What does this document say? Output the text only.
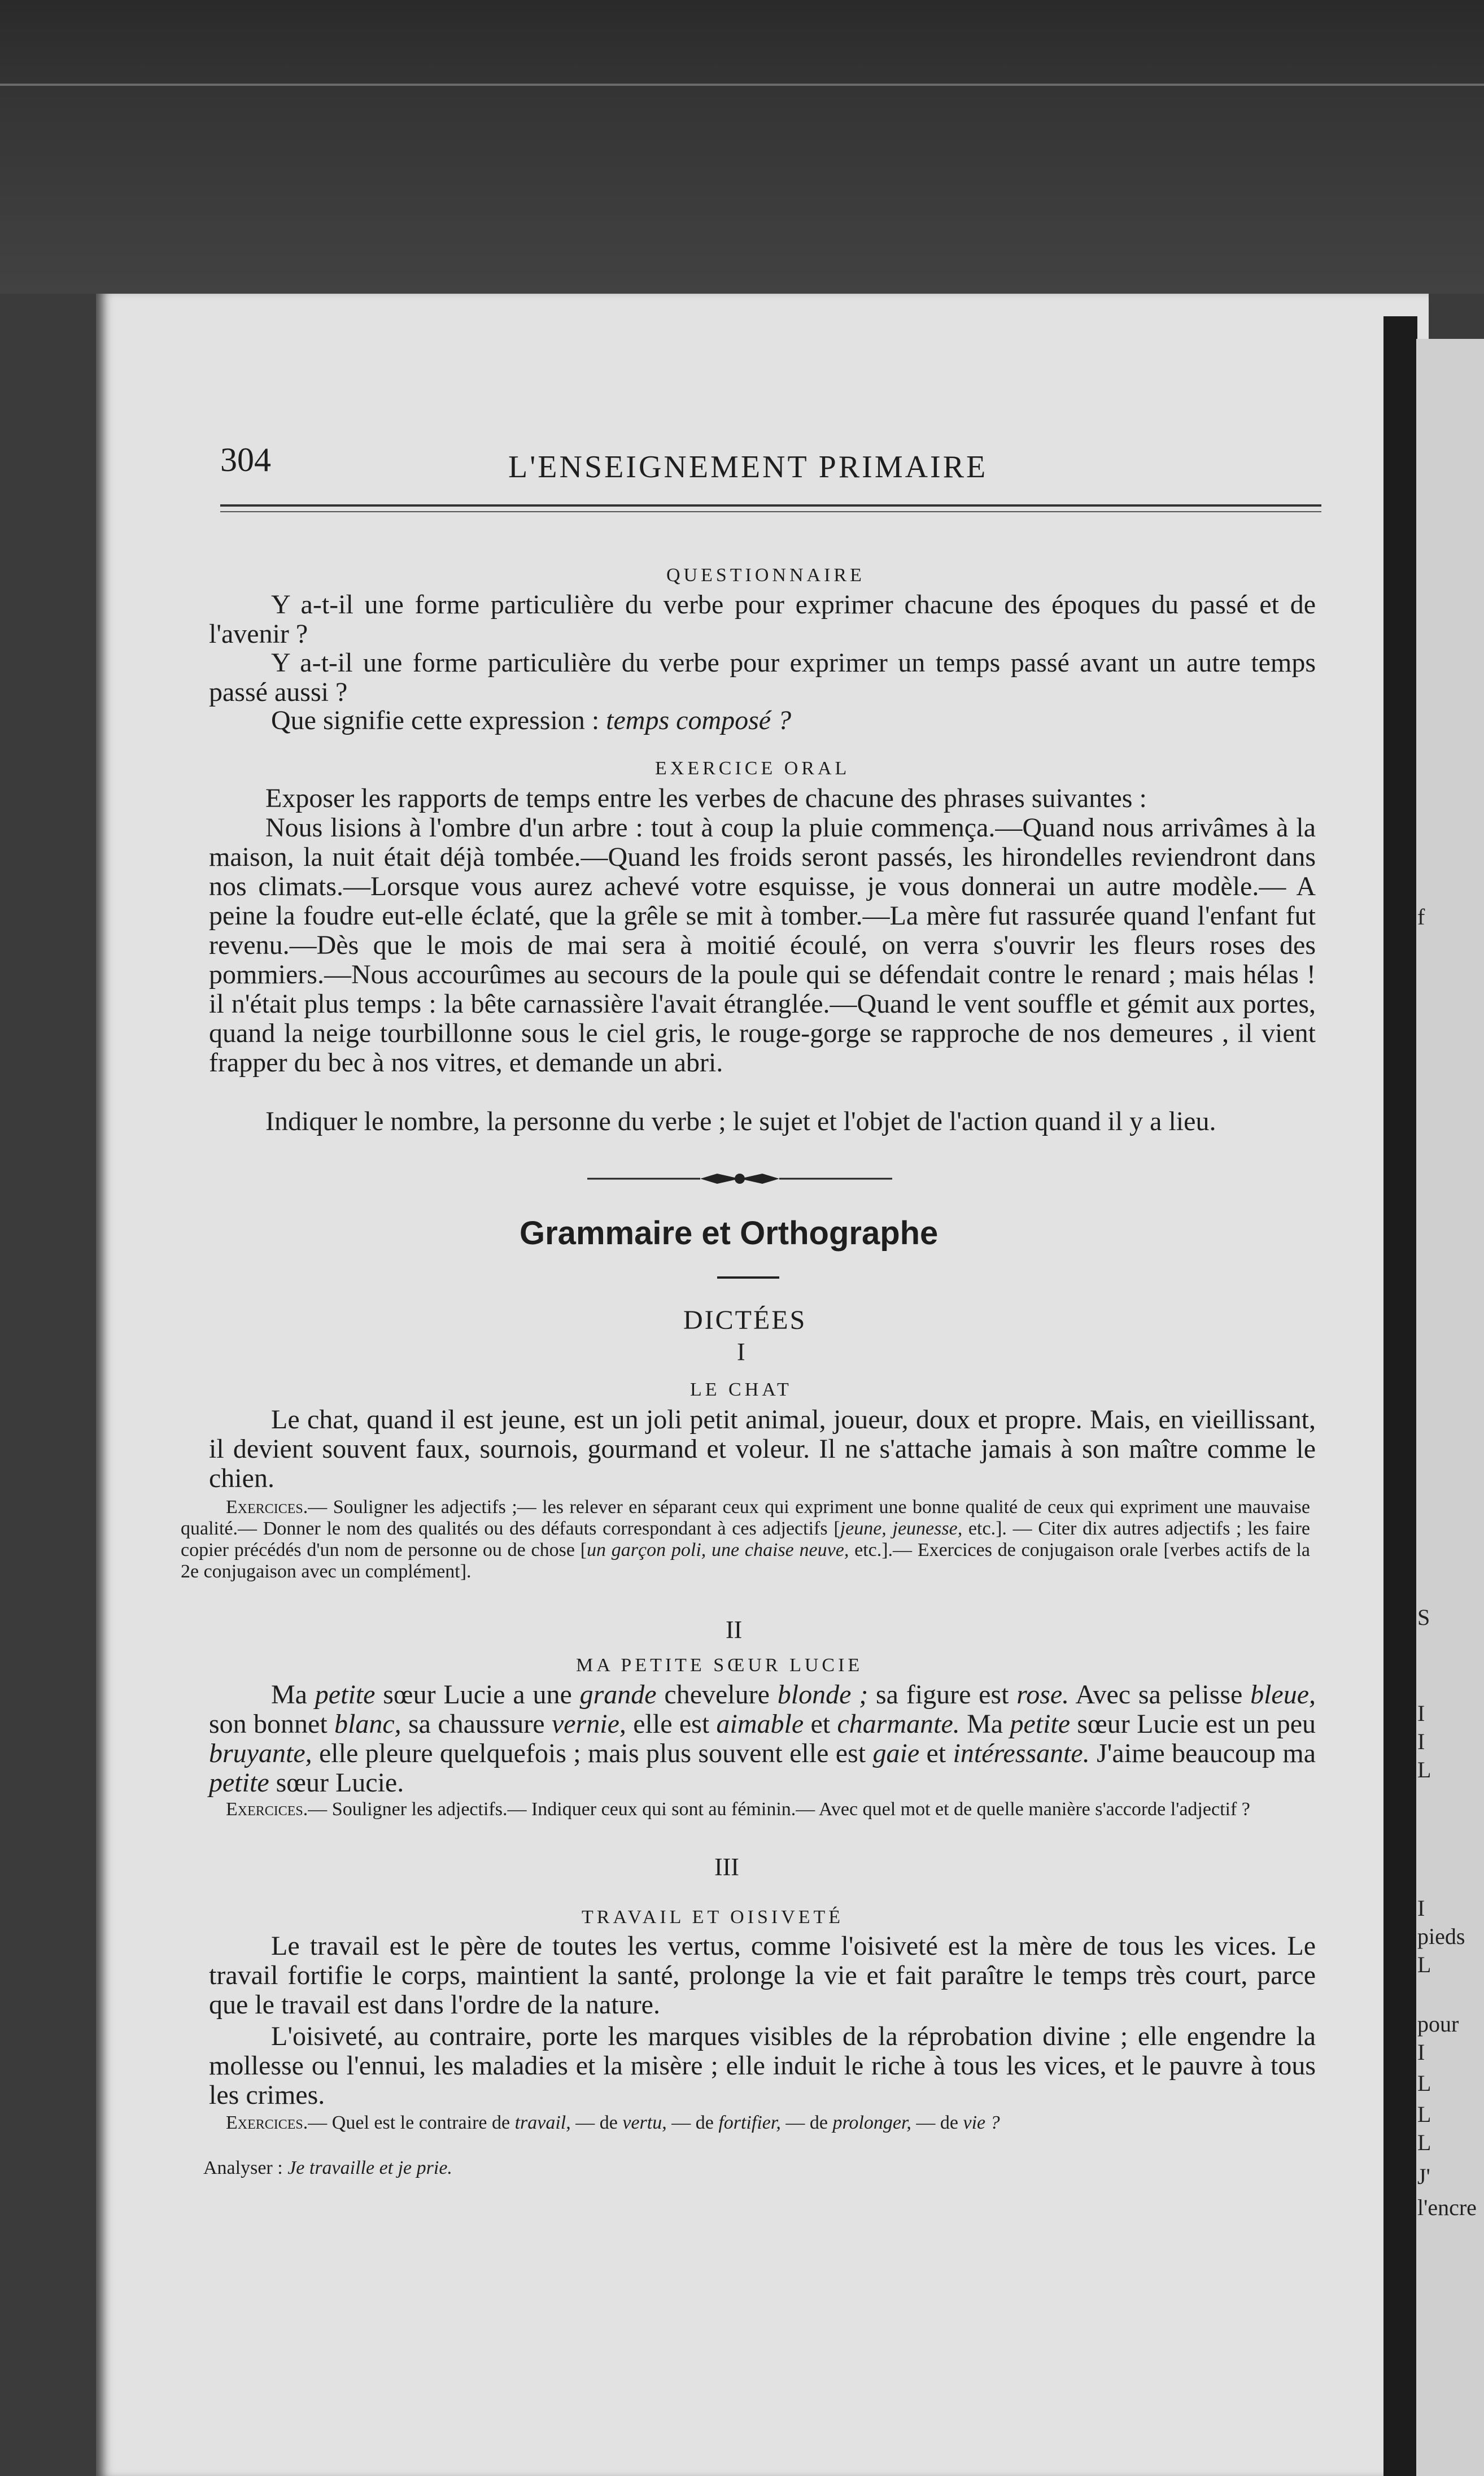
f
S
I
I
L
I
pieds
L
pour
I
L
L
L
J'
l'encre
304	L'ENSEIGNEMENT PRIMAIRE
QUESTIONNAIRE
Y a-t-il une forme particulière du verbe pour exprimer chacune des époques du passé et de l'avenir ?
Y a-t-il une forme particulière du verbe pour exprimer un temps passé avant un autre temps passé aussi ?
Que signifie cette expression : temps composé ?
EXERCICE ORAL
Exposer les rapports de temps entre les verbes de chacune des phrases suivantes :
Nous lisions à l'ombre d'un arbre : tout à coup la pluie commença.—Quand nous arrivâmes à la maison, la nuit était déjà tombée.—Quand les froids seront passés, les hirondelles reviendront dans nos climats.—Lorsque vous aurez achevé votre esquisse, je vous donnerai un autre modèle.— A peine la foudre eut-elle éclaté, que la grêle se mit à tomber.—La mère fut rassurée quand l'enfant fut revenu.—Dès que le mois de mai sera à moitié écoulé, on verra s'ouvrir les fleurs roses des pommiers.—Nous accourûmes au secours de la poule qui se défendait contre le renard ; mais hélas ! il n'était plus temps : la bête carnassière l'avait étranglée.—Quand le vent souffle et gémit aux portes, quand la neige tourbillonne sous le ciel gris, le rouge-gorge se rapproche de nos demeures , il vient frapper du bec à nos vitres, et demande un abri.
Indiquer le nombre, la personne du verbe ; le sujet et l'objet de l'action quand il y a lieu.
Grammaire et Orthographe
DICTÉES
I
LE CHAT
Le chat, quand il est jeune, est un joli petit animal, joueur, doux et propre. Mais, en vieillissant, il devient souvent faux, sournois, gourmand et voleur. Il ne s'attache jamais à son maître comme le chien.
Exercices.— Souligner les adjectifs ;— les relever en séparant ceux qui expriment une bonne qualité de ceux qui expriment une mauvaise qualité.— Donner le nom des qualités ou des défauts correspondant à ces adjectifs [jeune, jeunesse, etc.]. — Citer dix autres adjectifs ; les faire copier précédés d'un nom de personne ou de chose [un garçon poli, une chaise neuve, etc.].— Exercices de conjugaison orale [verbes actifs de la 2e conjugaison avec un complément].
II
MA PETITE SŒUR LUCIE
Ma petite sœur Lucie a une grande chevelure blonde ; sa figure est rose. Avec sa pelisse bleue, son bonnet blanc, sa chaussure vernie, elle est aimable et charmante. Ma petite sœur Lucie est un peu bruyante, elle pleure quelquefois ; mais plus souvent elle est gaie et intéressante. J'aime beaucoup ma petite sœur Lucie.
Exercices.— Souligner les adjectifs.— Indiquer ceux qui sont au féminin.— Avec quel mot et de quelle manière s'accorde l'adjectif ?
III
TRAVAIL ET OISIVETÉ
Le travail est le père de toutes les vertus, comme l'oisiveté est la mère de tous les vices. Le travail fortifie le corps, maintient la santé, prolonge la vie et fait paraître le temps très court, parce que le travail est dans l'ordre de la nature.
L'oisiveté, au contraire, porte les marques visibles de la réprobation divine ; elle engendre la mollesse ou l'ennui, les maladies et la misère ; elle induit le riche à tous les vices, et le pauvre à tous les crimes.
Exercices.— Quel est le contraire de travail, — de vertu, — de fortifier, — de prolonger, — de vie ?
Analyser : Je travaille et je prie.
